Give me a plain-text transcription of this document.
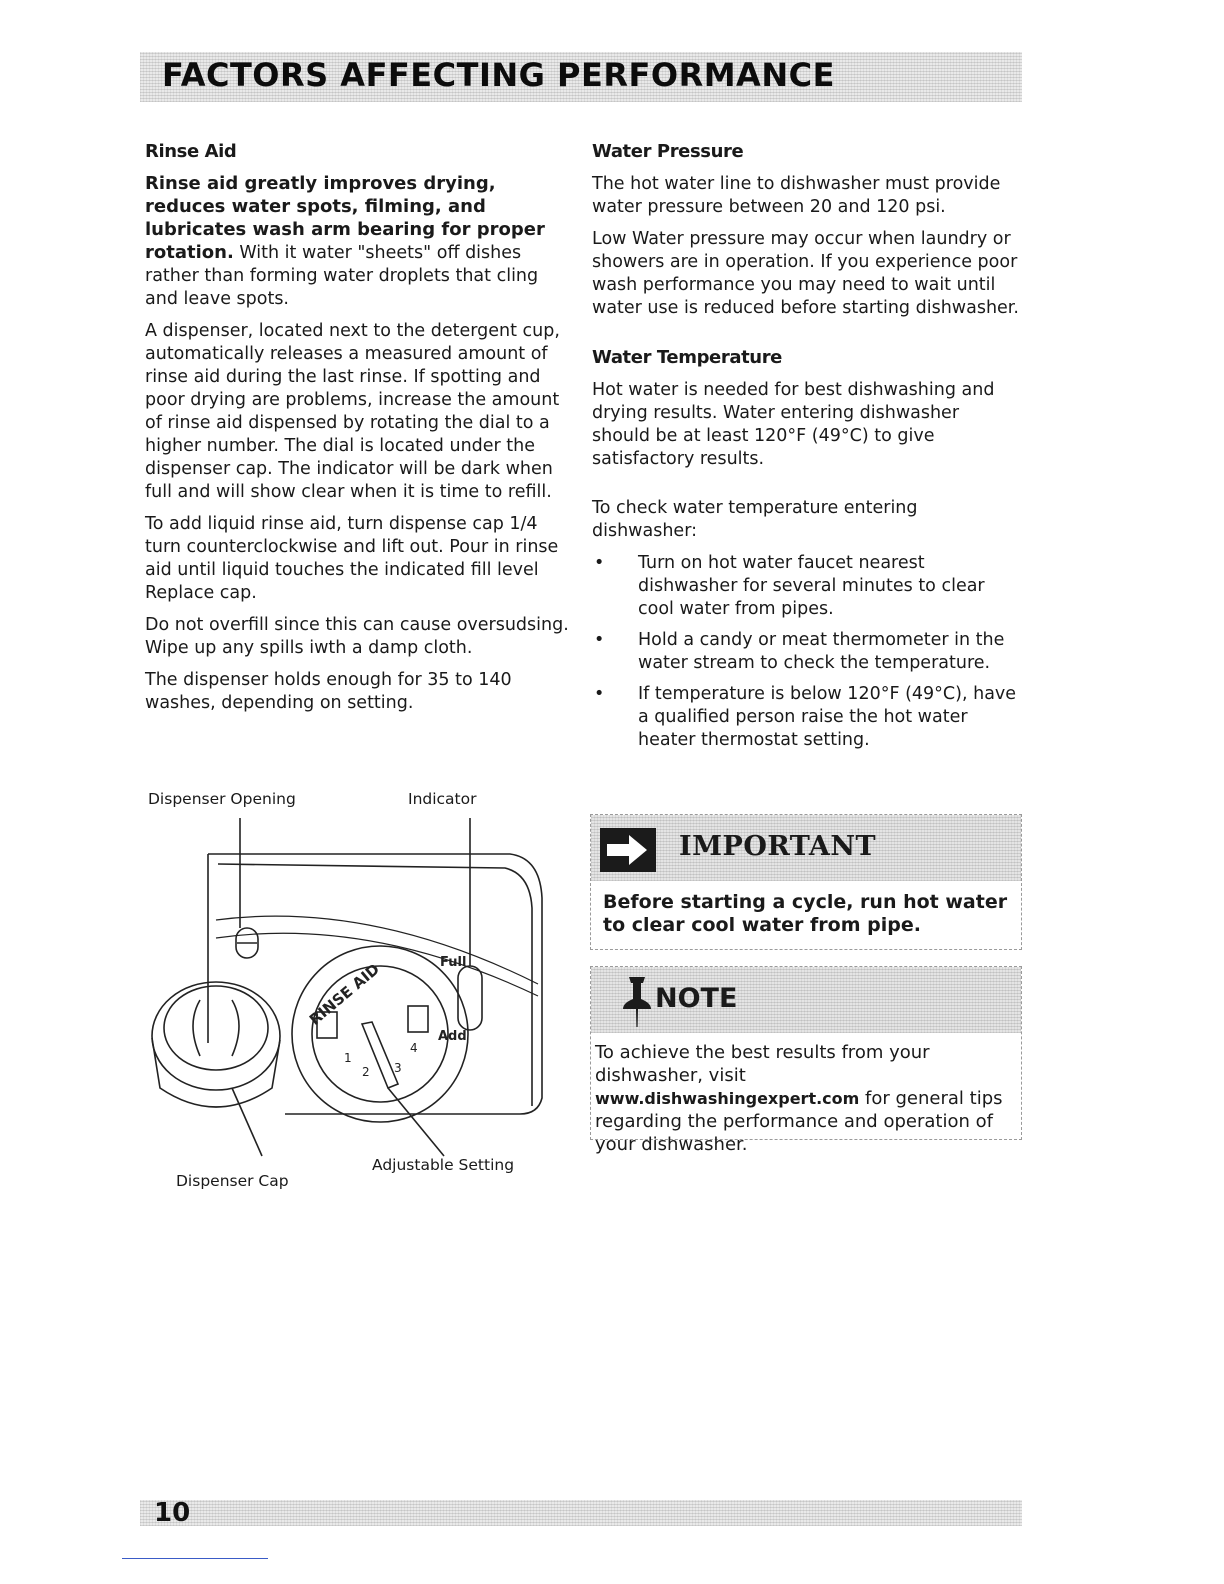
FACTORS AFFECTING PERFORMANCE
Rinse Aid

Rinse aid greatly improves drying, reduces water spots, filming, and lubricates wash arm bearing for proper rotation. With it water "sheets" off dishes rather than forming water droplets that cling and leave spots.

A dispenser, located next to the detergent cup, automatically releases a measured amount of rinse aid during the last rinse. If spotting and poor drying are problems, increase the amount of rinse aid dispensed by rotating the dial to a higher number. The dial is located under the dispenser cap. The indicator will be dark when full and will show clear when it is time to refill.

To add liquid rinse aid, turn dispense cap 1/4 turn counterclockwise and lift out. Pour in rinse aid until liquid touches the indicated fill level Replace cap.

Do not overfill since this can cause oversudsing. Wipe up any spills iwth a damp cloth.

The dispenser holds enough for 35 to 140 washes, depending on setting.

Dispenser Opening	Indicator
Dispenser Cap
Adjustable Setting
RINSE AID	Full
Add
1
2 3
4
Water Pressure

The hot water line to dishwasher must provide water pressure between 20 and 120 psi.

Low Water pressure may occur when laundry or showers are in operation. If you experience poor wash performance you may need to wait until water use is reduced before starting dishwasher.

Water Temperature

Hot water is needed for best dishwashing and drying results. Water entering dishwasher should be at least 120°F (49°C) to give satisfactory results.

To check water temperature entering dishwasher:

• Turn on hot water faucet nearest dishwasher for several minutes to clear cool water from pipes.
• Hold a candy or meat thermometer in the water stream to check the temperature.
• If temperature is below 120°F (49°C), have a qualified person raise the hot water heater thermostat setting.
IMPORTANT
Before starting a cycle, run hot water to clear cool water from pipe.
NOTE
To achieve the best results from your dishwasher, visit www.dishwashingexpert.com for general tips regarding the performance and operation of your dishwasher.
10
